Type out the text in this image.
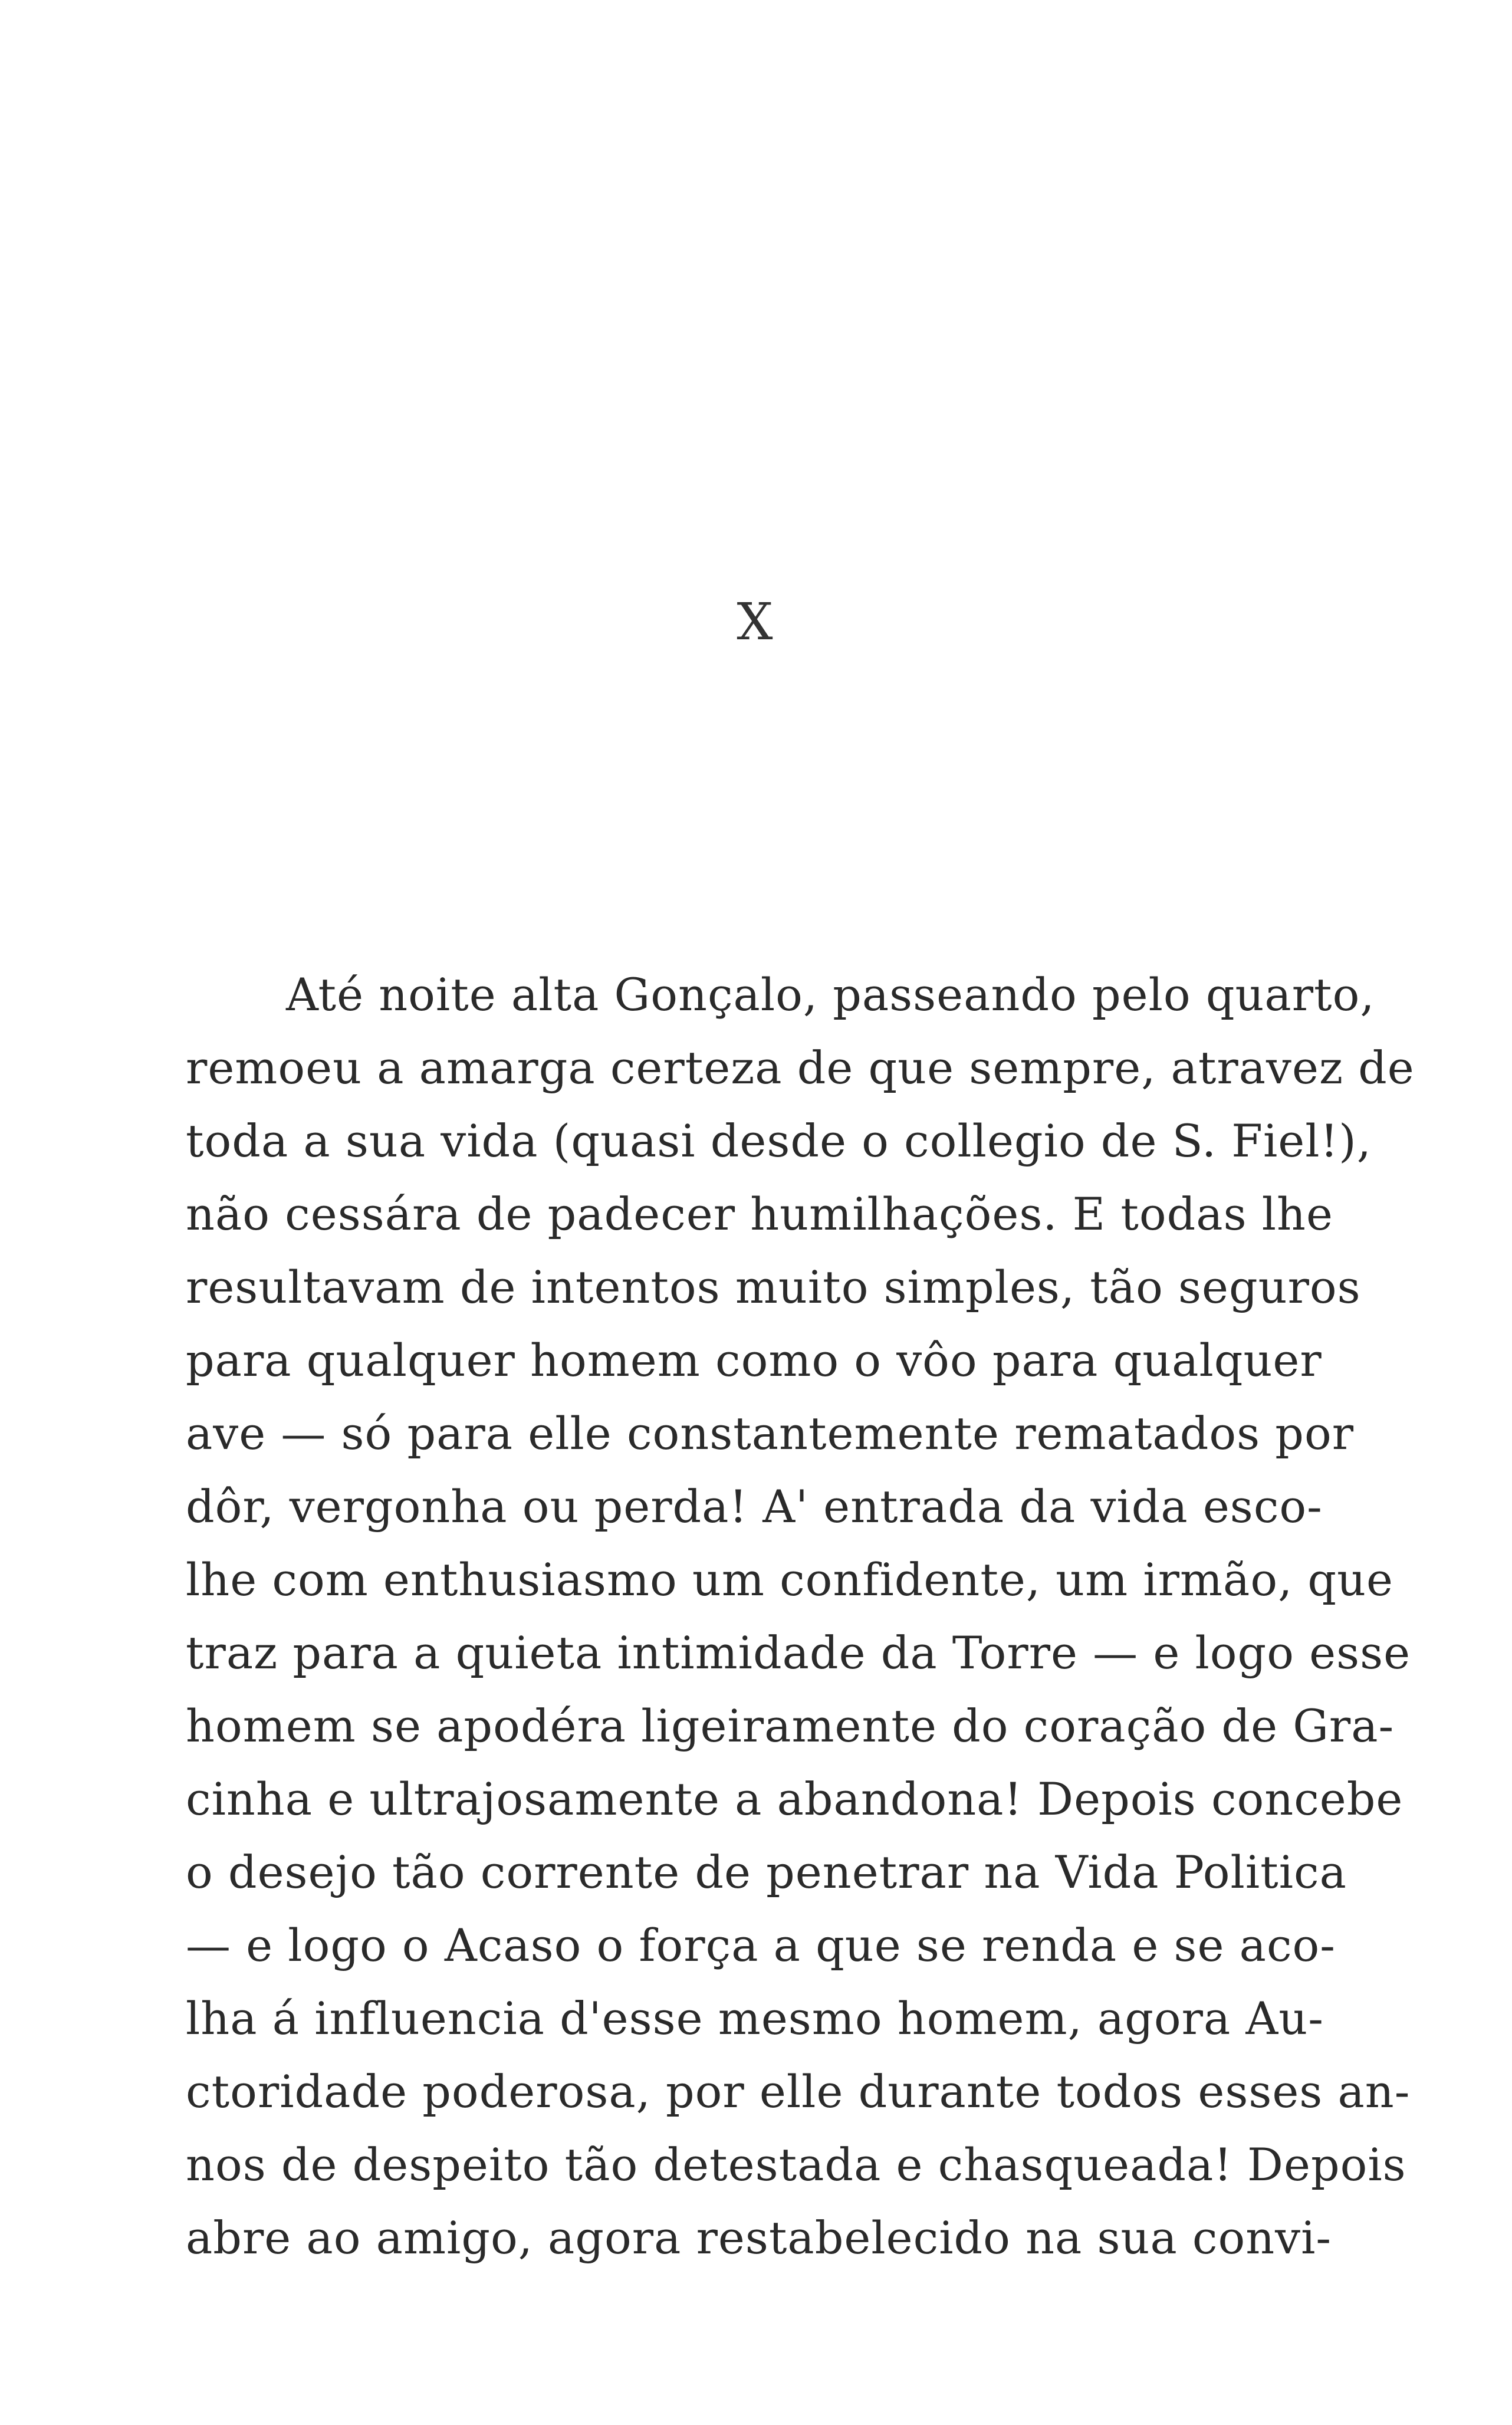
X
Até noite alta Gonçalo, passeando pelo quarto,
remoeu a amarga certeza de que sempre, atravez de
toda a sua vida (quasi desde o collegio de S. Fiel!),
não cessára de padecer humilhações. E todas lhe
resultavam de intentos muito simples, tão seguros
para qualquer homem como o vôo para qualquer
ave — só para elle constantemente rematados por
dôr, vergonha ou perda! A' entrada da vida esco-
lhe com enthusiasmo um confidente, um irmão, que
traz para a quieta intimidade da Torre — e logo esse
homem se apodéra ligeiramente do coração de Gra-
cinha e ultrajosamente a abandona! Depois concebe
o desejo tão corrente de penetrar na Vida Politica
— e logo o Acaso o força a que se renda e se aco-
lha á influencia d'esse mesmo homem, agora Au-
ctoridade poderosa, por elle durante todos esses an-
nos de despeito tão detestada e chasqueada! Depois
abre ao amigo, agora restabelecido na sua convi-
